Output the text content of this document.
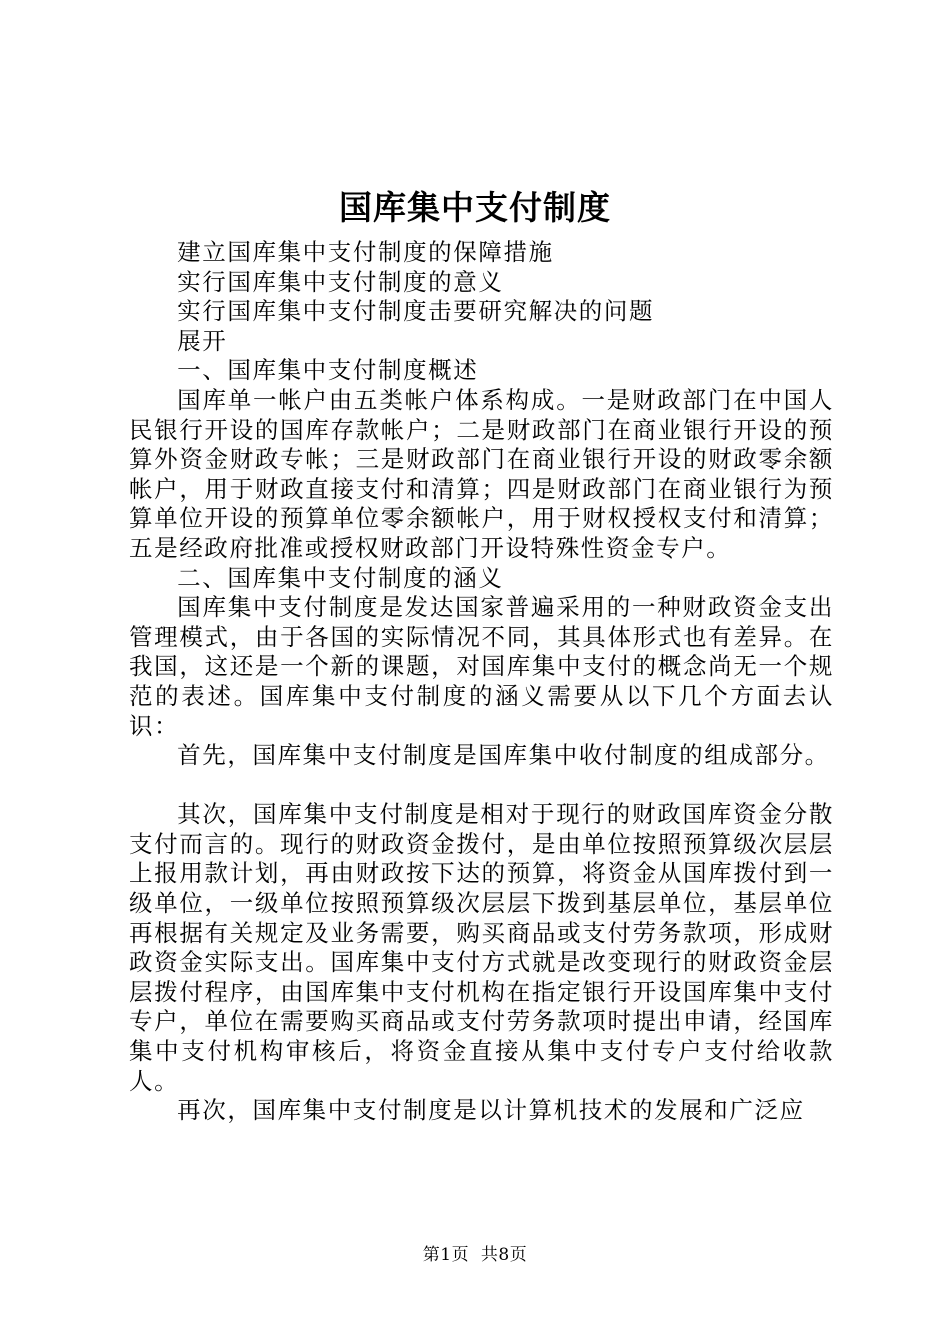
国库集中支付制度

建立国库集中支付制度的保障措施

实行国库集中支付制度的意义

实行国库集中支付制度击要研究解决的问题

展开

一、国库集中支付制度概述

国库单一帐户由五类帐户体系构成。一是财政部门在中国人民银行开设的国库存款帐户；二是财政部门在商业银行开设的预算外资金财政专帐；三是财政部门在商业银行开设的财政零余额帐户，用于财政直接支付和清算；四是财政部门在商业银行为预算单位开设的预算单位零余额帐户，用于财权授权支付和清算；五是经政府批准或授权财政部门开设特殊性资金专户。

二、国库集中支付制度的涵义

国库集中支付制度是发达国家普遍采用的一种财政资金支出管理模式，由于各国的实际情况不同，其具体形式也有差异。在我国，这还是一个新的课题，对国库集中支付的概念尚无一个规范的表述。国库集中支付制度的涵义需要从以下几个方面去认识：

首先，国库集中支付制度是国库集中收付制度的组成部分。

其次，国库集中支付制度是相对于现行的财政国库资金分散支付而言的。现行的财政资金拨付，是由单位按照预算级次层层上报用款计划，再由财政按下达的预算，将资金从国库拨付到一级单位，一级单位按照预算级次层层下拨到基层单位，基层单位再根据有关规定及业务需要，购买商品或支付劳务款项，形成财政资金实际支出。国库集中支付方式就是改变现行的财政资金层层拨付程序，由国库集中支付机构在指定银行开设国库集中支付专户，单位在需要购买商品或支付劳务款项时提出申请，经国库集中支付机构审核后，将资金直接从集中支付专户支付给收款人。

再次，国库集中支付制度是以计算机技术的发展和广泛应

第1页  共8页
